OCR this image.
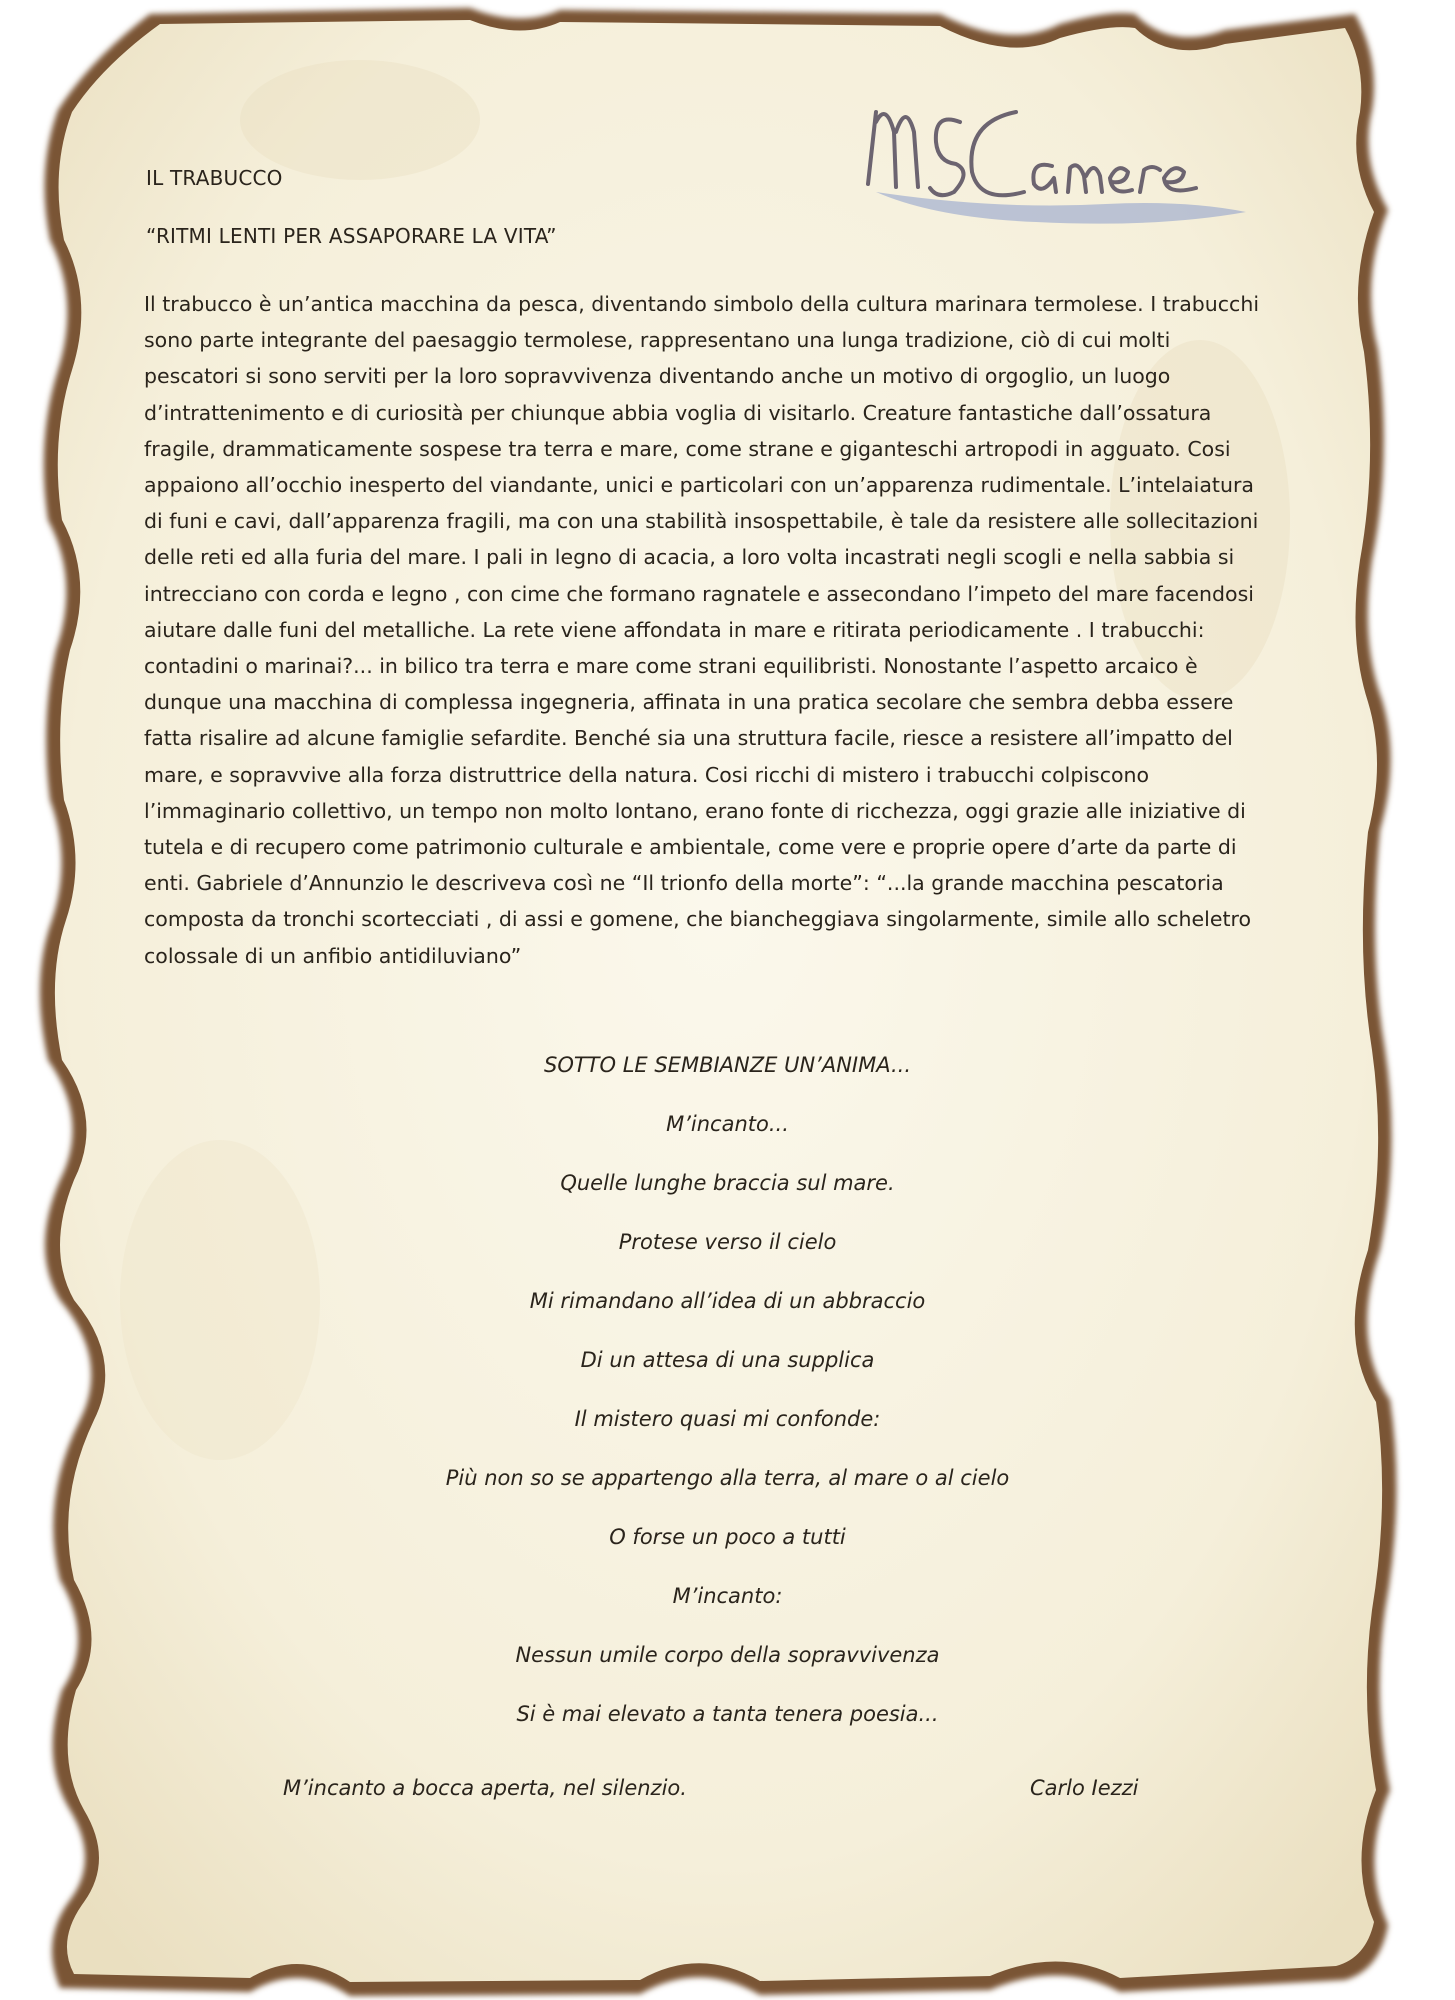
IL TRABUCCO
“RITMI LENTI PER ASSAPORARE LA VITA”

Il trabucco è un’antica macchina da pesca, diventando simbolo della cultura marinara termolese. I trabucchi

sono parte integrante del paesaggio termolese, rappresentano una lunga tradizione, ciò di cui molti

pescatori si sono serviti per la loro sopravvivenza diventando anche un motivo di orgoglio, un luogo

d’intrattenimento e di curiosità per chiunque abbia voglia di visitarlo. Creature fantastiche dall’ossatura

fragile, drammaticamente sospese tra terra e mare, come strane e giganteschi artropodi in agguato. Cosi

appaiono all’occhio inesperto del viandante, unici e particolari con un’apparenza rudimentale. L’intelaiatura

di funi e cavi, dall’apparenza fragili, ma con una stabilità insospettabile, è tale da resistere alle sollecitazioni

delle reti ed alla furia del mare. I pali in legno di acacia, a loro volta incastrati negli scogli e nella sabbia si

intrecciano con corda e legno , con cime che formano ragnatele e assecondano l’impeto del mare facendosi

aiutare dalle funi del metalliche. La rete viene affondata in mare e ritirata periodicamente . I trabucchi:

contadini o marinai?... in bilico tra terra e mare come strani equilibristi. Nonostante l’aspetto arcaico è

dunque una macchina di complessa ingegneria, affinata in una pratica secolare che sembra debba essere

fatta risalire ad alcune famiglie sefardite. Benché sia una struttura facile, riesce a resistere all’impatto del

mare, e sopravvive alla forza distruttrice della natura. Cosi ricchi di mistero i trabucchi colpiscono

l’immaginario collettivo, un tempo non molto lontano, erano fonte di ricchezza, oggi grazie alle iniziative di

tutela e di recupero come patrimonio culturale e ambientale, come vere e proprie opere d’arte da parte di

enti. Gabriele d’Annunzio le descriveva così ne “Il trionfo della morte”: “...la grande macchina pescatoria

composta da tronchi scortecciati , di assi e gomene, che biancheggiava singolarmente, simile allo scheletro

colossale di un anfibio antidiluviano”

SOTTO LE SEMBIANZE UN’ANIMA...
M’incanto...
Quelle lunghe braccia sul mare.
Protese verso il cielo
Mi rimandano all’idea di un abbraccio
Di un attesa di una supplica
Il mistero quasi mi confonde:
Più non so se appartengo alla terra, al mare o al cielo
O forse un poco a tutti
M’incanto:
Nessun umile corpo della sopravvivenza
Si è mai elevato a tanta tenera poesia...
M’incanto a bocca aperta, nel silenzio.	Carlo Iezzi
